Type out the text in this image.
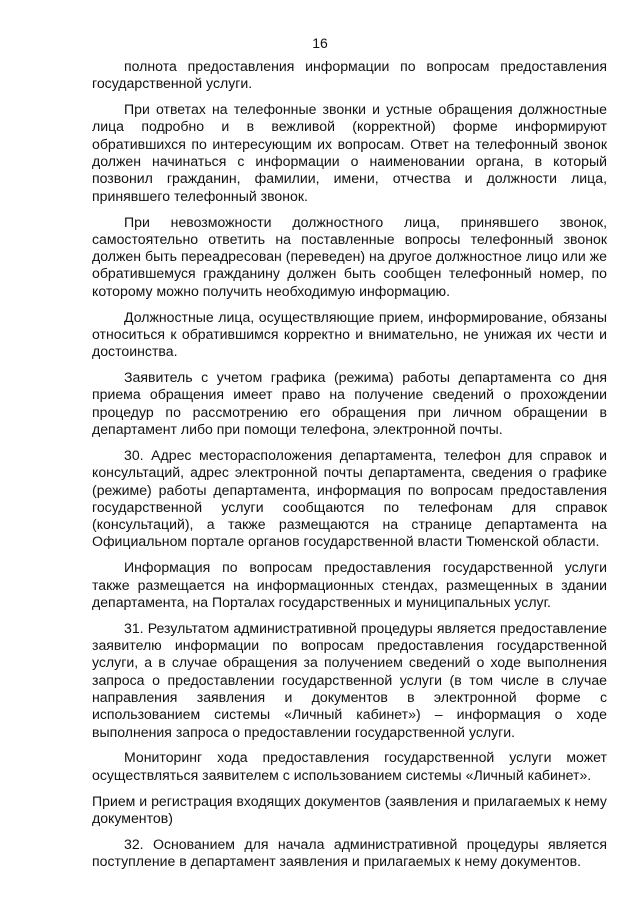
16

полнота предоставления информации по вопросам предоставления государственной услуги.

При ответах на телефонные звонки и устные обращения должностные лица подробно и в вежливой (корректной) форме информируют обратившихся по интересующим их вопросам. Ответ на телефонный звонок должен начинаться с информации о наименовании органа, в который позвонил гражданин, фамилии, имени, отчества и должности лица, принявшего телефонный звонок.

При невозможности должностного лица, принявшего звонок, самостоятельно ответить на поставленные вопросы телефонный звонок должен быть переадресован (переведен) на другое должностное лицо или же обратившемуся гражданину должен быть сообщен телефонный номер, по которому можно получить необходимую информацию.

Должностные лица, осуществляющие прием, информирование, обязаны относиться к обратившимся корректно и внимательно, не унижая их чести и достоинства.

Заявитель с учетом графика (режима) работы департамента со дня приема обращения имеет право на получение сведений о прохождении процедур по рассмотрению его обращения при личном обращении в департамент либо при помощи телефона, электронной почты.

30. Адрес месторасположения департамента, телефон для справок и консультаций, адрес электронной почты департамента, сведения о графике (режиме) работы департамента, информация по вопросам предоставления государственной услуги сообщаются по телефонам для справок (консультаций), а также размещаются на странице департамента на Официальном портале органов государственной власти Тюменской области.

Информация по вопросам предоставления государственной услуги также размещается на информационных стендах, размещенных в здании департамента, на Порталах государственных и муниципальных услуг.

31. Результатом административной процедуры является предоставление заявителю информации по вопросам предоставления государственной услуги, а в случае обращения за получением сведений о ходе выполнения запроса о предоставлении государственной услуги (в том числе в случае направления заявления и документов в электронной форме с использованием системы «Личный кабинет») – информация о ходе выполнения запроса о предоставлении государственной услуги.

Мониторинг хода предоставления государственной услуги может осуществляться заявителем с использованием системы «Личный кабинет».

Прием и регистрация входящих документов (заявления и прилагаемых к нему документов)

32. Основанием для начала административной процедуры является поступление в департамент заявления и прилагаемых к нему документов.
